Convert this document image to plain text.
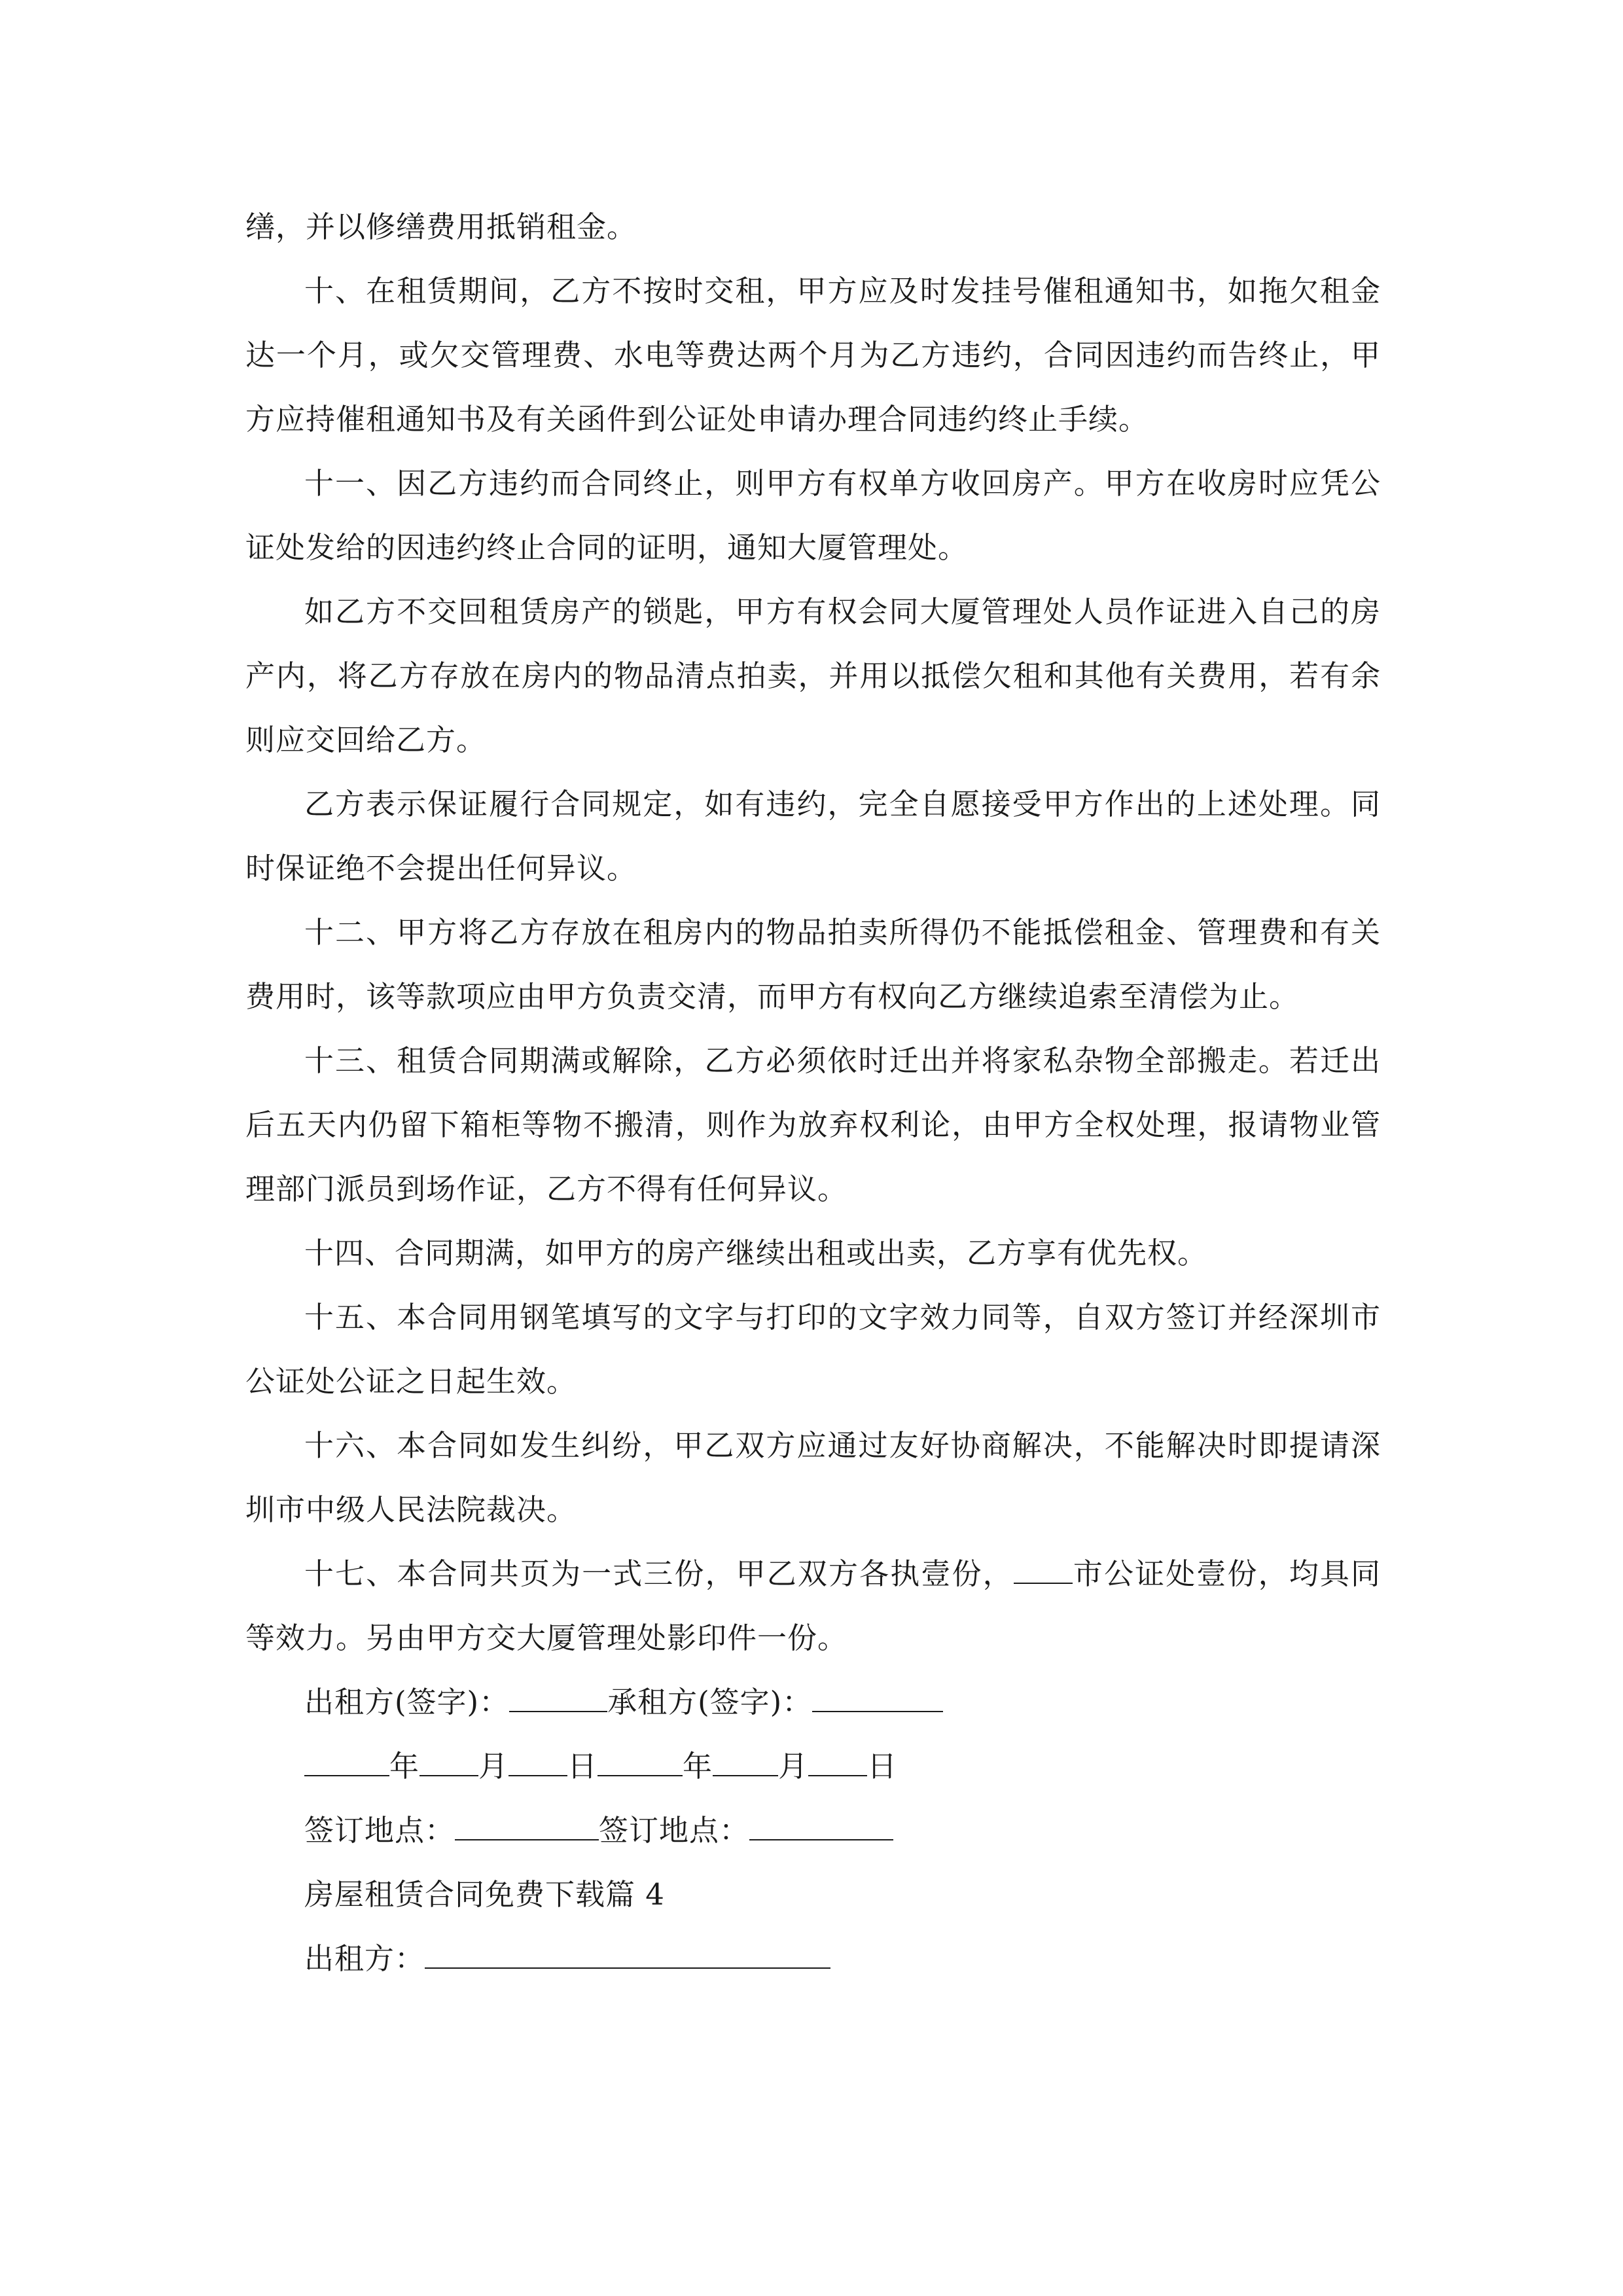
缮，并以修缮费用抵销租金。

十、在租赁期间，乙方不按时交租，甲方应及时发挂号催租通知书，如拖欠租金达一个月，或欠交管理费、水电等费达两个月为乙方违约，合同因违约而告终止，甲方应持催租通知书及有关函件到公证处申请办理合同违约终止手续。

十一、因乙方违约而合同终止，则甲方有权单方收回房产。甲方在收房时应凭公证处发给的因违约终止合同的证明，通知大厦管理处。

如乙方不交回租赁房产的锁匙，甲方有权会同大厦管理处人员作证进入自己的房产内，将乙方存放在房内的物品清点拍卖，并用以抵偿欠租和其他有关费用，若有余则应交回给乙方。

乙方表示保证履行合同规定，如有违约，完全自愿接受甲方作出的上述处理。同时保证绝不会提出任何异议。

十二、甲方将乙方存放在租房内的物品拍卖所得仍不能抵偿租金、管理费和有关费用时，该等款项应由甲方负责交清，而甲方有权向乙方继续追索至清偿为止。

十三、租赁合同期满或解除，乙方必须依时迁出并将家私杂物全部搬走。若迁出后五天内仍留下箱柜等物不搬清，则作为放弃权利论，由甲方全权处理，报请物业管理部门派员到场作证，乙方不得有任何异议。

十四、合同期满，如甲方的房产继续出租或出卖，乙方享有优先权。

十五、本合同用钢笔填写的文字与打印的文字效力同等，自双方签订并经深圳市公证处公证之日起生效。

十六、本合同如发生纠纷，甲乙双方应通过友好协商解决，不能解决时即提请深圳市中级人民法院裁决。

十七、本合同共页为一式三份，甲乙双方各执壹份， 市公证处壹份，均具同等效力。另由甲方交大厦管理处影印件一份。

出租方(签字)：	承租方(签字)：

年 月 日	年 月 日

签订地点：	签订地点：

房屋租赁合同免费下载篇 4

出租方：
